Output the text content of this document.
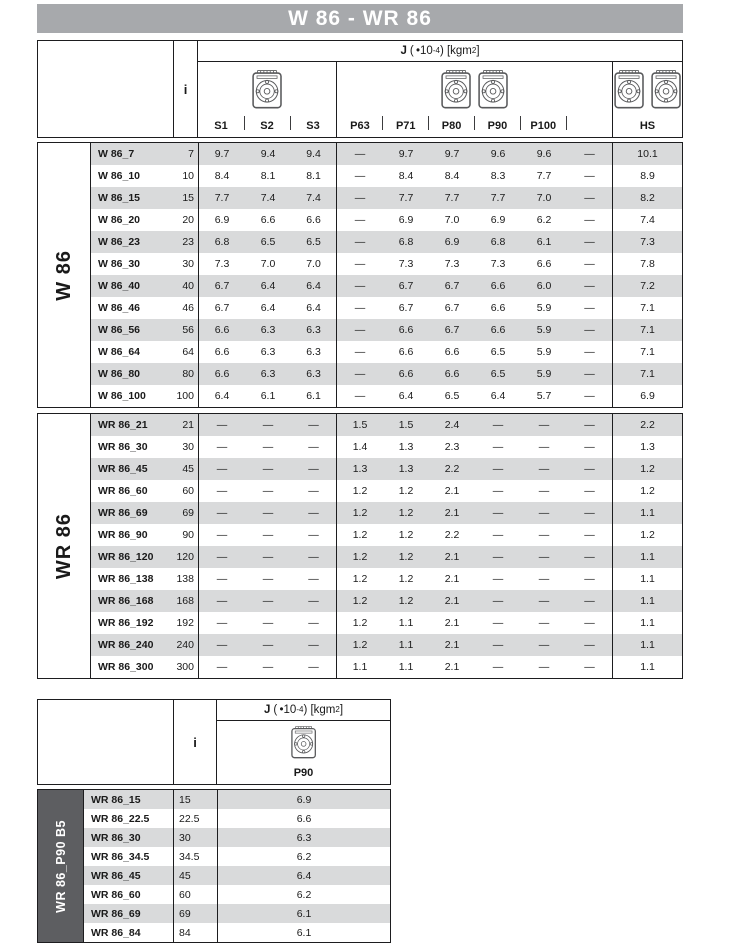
W 86 - WR 86
i
J ( •10 -4 ) [kgm 2 ]
S1	S2	S3	P63	P71	P80	P90	P100	HS
W 86
W 86_7	7	9.7	9.4	9.4	—	9.7	9.7	9.6	9.6	—	10.1
W 86_10	10	8.4	8.1	8.1	—	8.4	8.4	8.3	7.7	—	8.9
W 86_15	15	7.7	7.4	7.4	—	7.7	7.7	7.7	7.0	—	8.2
W 86_20	20	6.9	6.6	6.6	—	6.9	7.0	6.9	6.2	—	7.4
W 86_23	23	6.8	6.5	6.5	—	6.8	6.9	6.8	6.1	—	7.3
W 86_30	30	7.3	7.0	7.0	—	7.3	7.3	7.3	6.6	—	7.8
W 86_40	40	6.7	6.4	6.4	—	6.7	6.7	6.6	6.0	—	7.2
W 86_46	46	6.7	6.4	6.4	—	6.7	6.7	6.6	5.9	—	7.1
W 86_56	56	6.6	6.3	6.3	—	6.6	6.7	6.6	5.9	—	7.1
W 86_64	64	6.6	6.3	6.3	—	6.6	6.6	6.5	5.9	—	7.1
W 86_80	80	6.6	6.3	6.3	—	6.6	6.6	6.5	5.9	—	7.1
W 86_100	100	6.4	6.1	6.1	—	6.4	6.5	6.4	5.7	—	6.9
WR 86
WR 86_21	21	—	—	—	1.5	1.5	2.4	—	—	—	2.2
WR 86_30	30	—	—	—	1.4	1.3	2.3	—	—	—	1.3
WR 86_45	45	—	—	—	1.3	1.3	2.2	—	—	—	1.2
WR 86_60	60	—	—	—	1.2	1.2	2.1	—	—	—	1.2
WR 86_69	69	—	—	—	1.2	1.2	2.1	—	—	—	1.1
WR 86_90	90	—	—	—	1.2	1.2	2.2	—	—	—	1.2
WR 86_120	120	—	—	—	1.2	1.2	2.1	—	—	—	1.1
WR 86_138	138	—	—	—	1.2	1.2	2.1	—	—	—	1.1
WR 86_168	168	—	—	—	1.2	1.2	2.1	—	—	—	1.1
WR 86_192	192	—	—	—	1.2	1.1	2.1	—	—	—	1.1
WR 86_240	240	—	—	—	1.2	1.1	2.1	—	—	—	1.1
WR 86_300	300	—	—	—	1.1	1.1	2.1	—	—	—	1.1
i
J ( •10 -4 ) [kgm 2 ]
P90
WR 86_P90 B5
WR 86_15	15	6.9
WR 86_22.5	22.5	6.6
WR 86_30	30	6.3
WR 86_34.5	34.5	6.2
WR 86_45	45	6.4
WR 86_60	60	6.2
WR 86_69	69	6.1
WR 86_84	84	6.1
